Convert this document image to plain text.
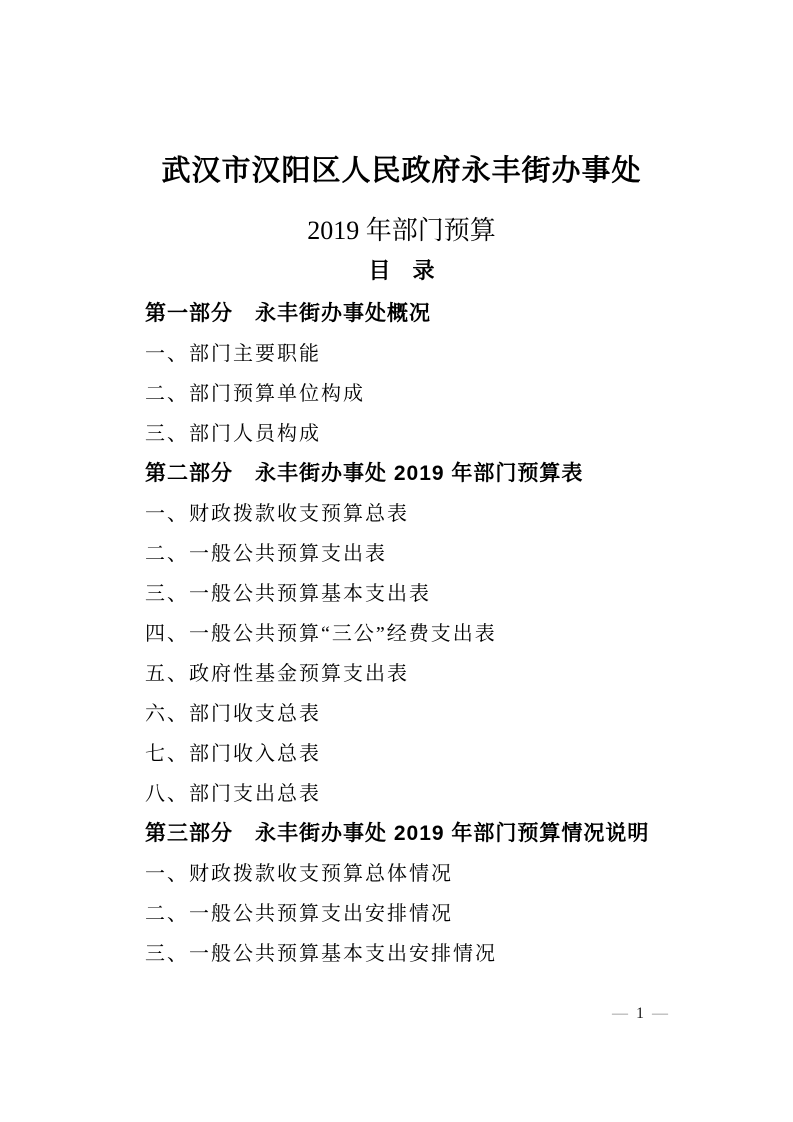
武汉市汉阳区人民政府永丰街办事处
2019 年部门预算
目　录
第一部分　永丰街办事处概况
一、部门主要职能
二、部门预算单位构成
三、部门人员构成
第二部分　永丰街办事处 2019 年部门预算表
一、财政拨款收支预算总表
二、一般公共预算支出表
三、一般公共预算基本支出表
四、一般公共预算“三公”经费支出表
五、政府性基金预算支出表
六、部门收支总表
七、部门收入总表
八、部门支出总表
第三部分　永丰街办事处 2019 年部门预算情况说明
一、财政拨款收支预算总体情况
二、一般公共预算支出安排情况
三、一般公共预算基本支出安排情况
— 1 —
